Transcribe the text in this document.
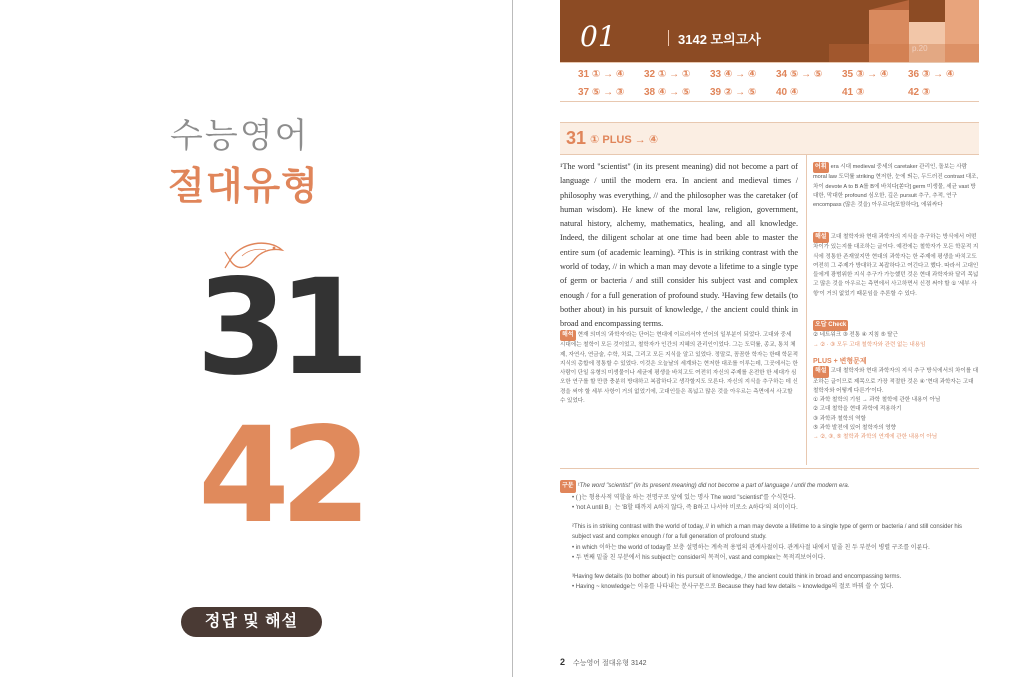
수능영어
절대유형
31
42
정답 및 해설
01	3142 모의고사
p.20
31 ① → ④ 32 ① → ① 33 ④ → ④ 34 ⑤ → ⑤ 35 ③ → ④ 36 ③ → ④
37 ⑤ → ③ 38 ④ → ⑤ 39 ② → ⑤ 40 ④	41 ③	42 ③
31 ① PLUS → ④
¹The word "scientist" (in its present meaning) did not become a part of language / until the modern era. In ancient and medieval times / philosophy was everything, // and the philosopher was the caretaker (of human wisdom). He knew of the moral law, religion, government, natural history, alchemy, mathematics, healing, and all knowledge. Indeed, the diligent scholar at one time had been able to master the entire sum (of academic learning). ²This is in striking contrast with the world of today, // in which a man may devote a lifetime to a single type of germ or bacteria / and still consider his subject vast and complex enough / for a full generation of profound study. ³Having few details (to bother about) in his pursuit of knowledge, / the ancient could think in broad and encompassing terms.
해석 현재 의미의 '과학자'라는 단어는 현대에 이르러서야 언어의 일부분이 되었다. 고대와 중세 시대에는 철학이 모든 것이었고, 철학자가 인간의 지혜의 관리인이었다. 그는 도덕률, 종교, 통치 체제, 자연사, 연금술, 수학, 치료, 그리고 모든 지식을 알고 있었다. 정말로, 꼼꼼한 학자는 한때 학문적 지식의 총합에 정통할 수 있었다. 이것은 오늘날의 세계와는 현저한 대조를 이루는데, 그곳에서는 한 사람이 단일 유형의 미생물이나 세균에 평생을 바치고도 여전히 자신의 주제를 온전한 한 세대가 심오한 연구를 할 만큼 충분히 방대하고 복잡하다고 생각할지도 모른다. 자신의 지식을 추구하는 데 신경을 써야 할 세부 사항이 거의 없었기에, 고대인들은 폭넓고 많은 것을 아우르는 측면에서 사고할 수 있었다.
어휘 era 시대 medieval 중세의 caretaker 관리인, 돌보는 사람 moral law 도덕률 striking 현저한, 눈에 띄는, 두드러진 contrast 대조, 차이 devote A to B A를 B에 바치다[쏟다] germ 미생물, 세균 vast 방대한, 막대한 profound 심오한, 깊은 pursuit 추구, 추적, 연구 encompass (많은 것을) 아우르다[포함하다], 에워싸다
해설 고대 철학자와 현대 과학자의 지식을 추구하는 방식에서 어떤 차이가 있는지를 대조하는 글이다. 예전에는 철학자가 모든 학문적 지식에 정통한 존재였지만 현대의 과학자는 한 주제에 평생을 바치고도 여전히 그 주제가 방대하고 복잡하다고 여긴다고 했다. 따라서 고대인들에게 광범위한 지식 추구가 가능했던 것은 현대 과학자와 달리 목넓고 많은 것을 아우르는 측면에서 사고하면서 신경 써야 할 ① '세부 사항'이 거의 없었기 때문임을 추론할 수 있다.
오답 Check
② 네트워크 ③ 전통 ④ 지침 ⑤ 탈근
→ ② · ③ 모두 고대 철학자와 관련 없는 내용임
PLUS + 변형문제
해설 고대 철학자와 현대 과학자의 지식 추구 방식에서의 차이를 대조하는 글이므로 제목으로 가장 적절한 것은 ④ '현대 과학자는 고대 철학자와 어떻게 다른가'이다.
① 과학 철학의 기원 → 과학 철학에 관한 내용이 아님
② 고대 철학을 현대 과학에 적용하기
③ 과학과 철학의 역할
⑤ 과학 발전에 있어 철학자의 영향
→ ②, ③, ⑤ 철학과 과학의 연계에 관한 내용이 아님
구문 ¹The word "scientist" (in its present meaning) did not become a part of language / until the modern era.
• ( )는 형용사적 역할을 하는 전명구로 앞에 있는 명사 The word "scientist"를 수식한다.
• 'not A until B」는 'B할 때까지 A하지 않다, 즉 B하고 나서야 비로소 A하다'의 의미이다.
²This is in striking contrast with the world of today, // in which a man may devote a lifetime to a single type of germ or bacteria / and still consider his subject vast and complex enough / for a full generation of profound study.
• in which 이하는 the world of today를 보충 설명하는 계속적 용법의 관계사절이다. 관계사절 내에서 밑줄 친 두 부분이 병렬 구조를 이룬다.
• 두 번째 밑줄 친 부분에서 his subject는 consider의 목적어, vast and complex는 목적격보어이다.
³Having few details (to bother about) in his pursuit of knowledge, / the ancient could think in broad and encompassing terms.
• Having ~ knowledge는 이유를 나타내는 분사구문으로 Because they had few details ~ knowledge의 절로 바꿔 쓸 수 있다.
2 수능영어 절대유형 3142
